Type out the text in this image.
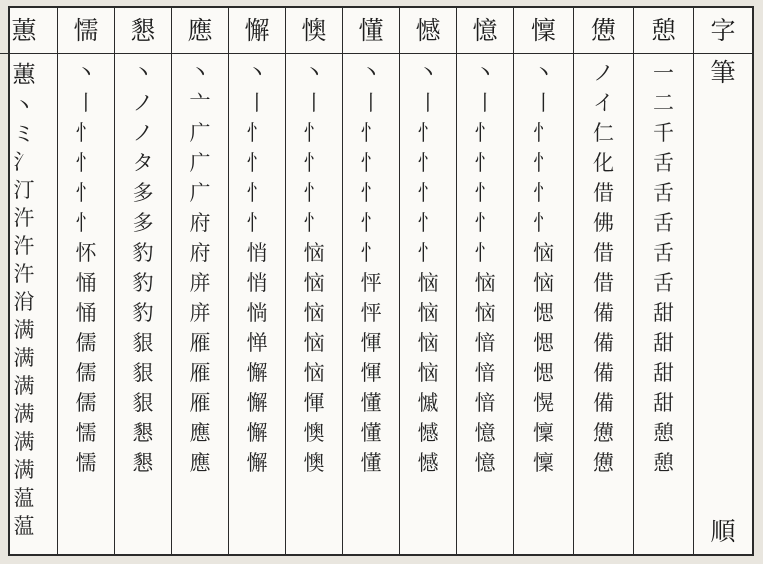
字
筆
順
憩
一
二
千
舌
舌
舌
舌
舌
甜
甜
甜
甜
憩
憩
憊
ノ
イ
仁
化
借
佛
借
借
備
備
備
備
憊
憊
懍
丶
丨
忄
忄
忄
忄
恼
恼
愢
愢
愢
愰
懍
懍
憶
丶
丨
忄
忄
忄
忄
忄
恼
恼
愔
愔
愔
憶
憶
憾
丶
丨
忄
忄
忄
忄
忄
恼
恼
恼
恼
慽
憾
憾
懂
丶
丨
忄
忄
忄
忄
忄
怦
怦
惲
惲
懂
懂
懂
懊
丶
丨
忄
忄
忄
忄
恼
恼
恼
恼
恼
惲
懊
懊
懈
丶
丨
忄
忄
忄
忄
悄
悄
惝
惮
懈
懈
懈
懈
應
丶
亠
广
广
广
府
府
庰
庰
雁
雁
雁
應
應
懇
丶
ノ
ノ
タ
多
多
豹
豹
豹
貇
貇
貇
懇
懇
懦
丶
丨
忄
忄
忄
忄
怀
悀
悀
儒
儒
儒
懦
懦
蕙
蕙
丶
ミ
氵
汀
汻
汻
汻
洕
满
满
满
满
满
满
蕰
蕰
